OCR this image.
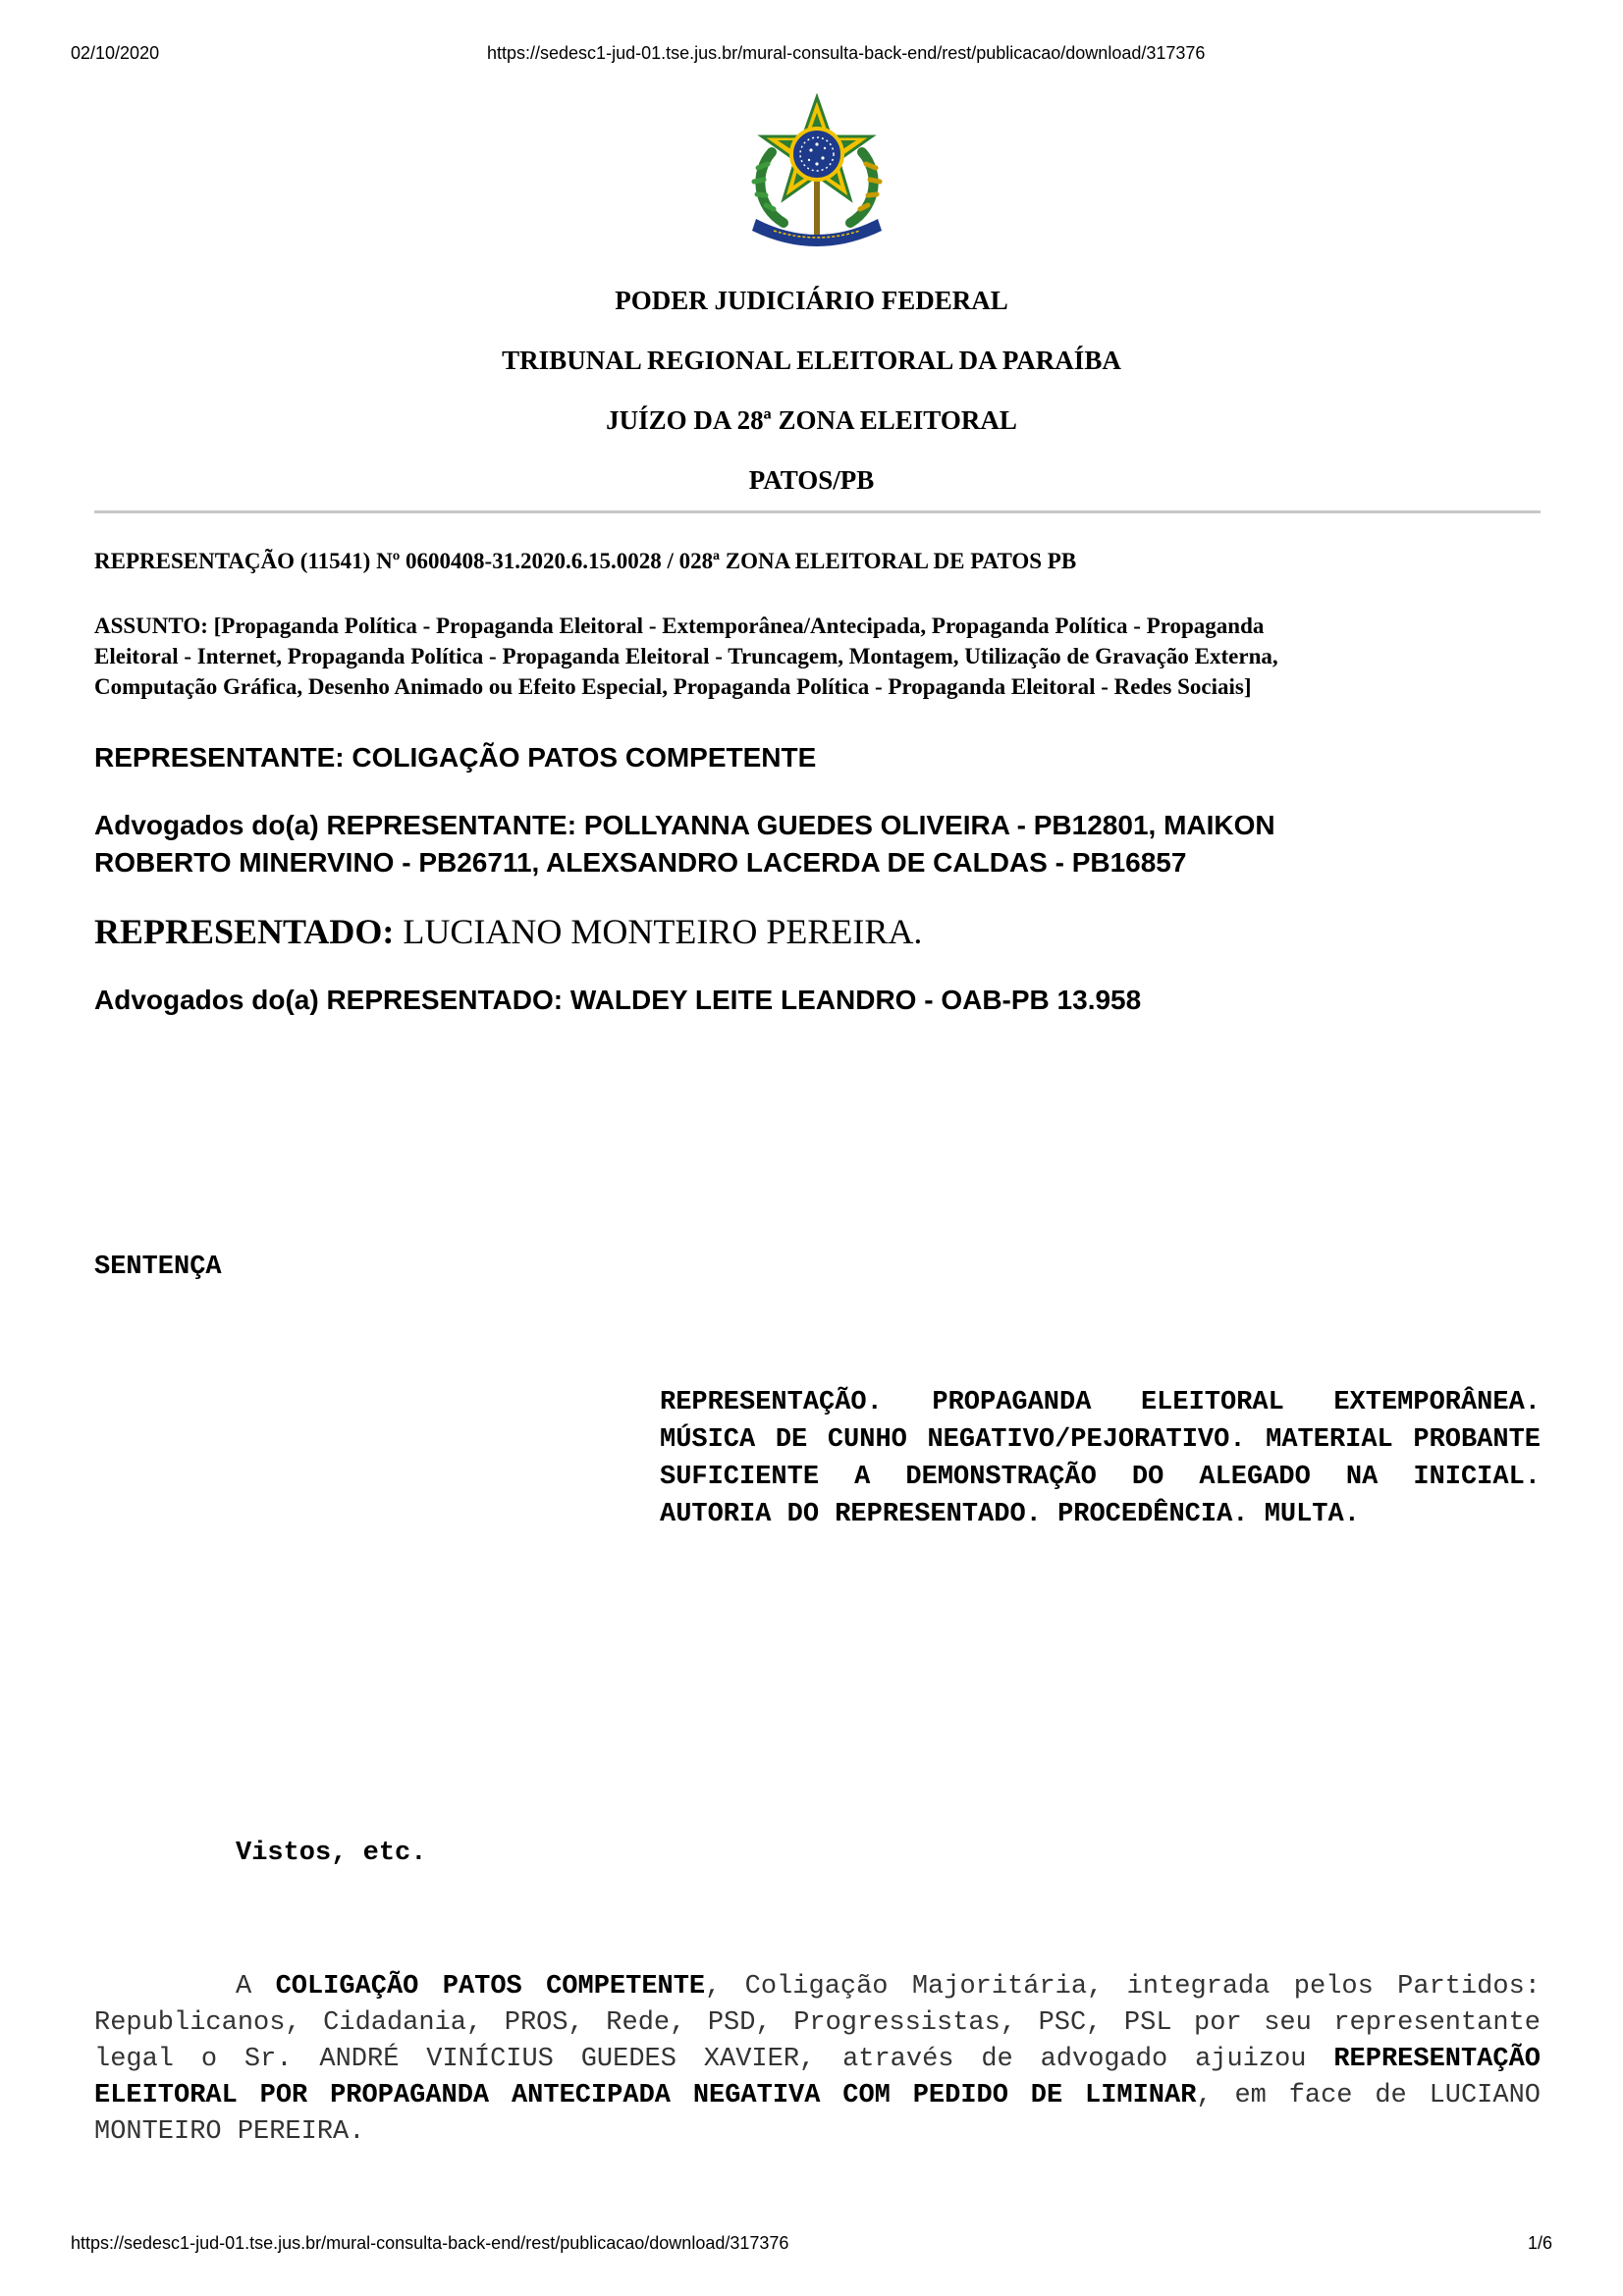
02/10/2020	https://sedesc1-jud-01.tse.jus.br/mural-consulta-back-end/rest/publicacao/download/317376
PODER JUDICIÁRIO FEDERAL
TRIBUNAL REGIONAL ELEITORAL DA PARAÍBA
JUÍZO DA 28ª ZONA ELEITORAL
PATOS/PB
REPRESENTAÇÃO (11541) Nº 0600408-31.2020.6.15.0028 / 028ª ZONA ELEITORAL DE PATOS PB
ASSUNTO: [Propaganda Política - Propaganda Eleitoral - Extemporânea/Antecipada, Propaganda Política - Propaganda
Eleitoral - Internet, Propaganda Política - Propaganda Eleitoral - Truncagem, Montagem, Utilização de Gravação Externa,
Computação Gráfica, Desenho Animado ou Efeito Especial, Propaganda Política - Propaganda Eleitoral - Redes Sociais]
REPRESENTANTE: COLIGAÇÃO PATOS COMPETENTE
Advogados do(a) REPRESENTANTE: POLLYANNA GUEDES OLIVEIRA - PB12801, MAIKON
ROBERTO MINERVINO - PB26711, ALEXSANDRO LACERDA DE CALDAS - PB16857
REPRESENTADO: LUCIANO MONTEIRO PEREIRA.
Advogados do(a) REPRESENTADO: WALDEY LEITE LEANDRO - OAB-PB 13.958
SENTENÇA
REPRESENTAÇÃO. PROPAGANDA ELEITORAL EXTEMPORÂNEA. MÚSICA DE CUNHO NEGATIVO/PEJORATIVO. MATERIAL PROBANTE SUFICIENTE A DEMONSTRAÇÃO DO ALEGADO NA INICIAL. AUTORIA DO REPRESENTADO. PROCEDÊNCIA. MULTA.
Vistos, etc.
A COLIGAÇÃO PATOS COMPETENTE, Coligação Majoritária, integrada pelos Partidos: Republicanos, Cidadania, PROS, Rede, PSD, Progressistas, PSC, PSL por seu representante legal o Sr. ANDRÉ VINÍCIUS GUEDES XAVIER, através de advogado ajuizou REPRESENTAÇÃO ELEITORAL POR PROPAGANDA ANTECIPADA NEGATIVA COM PEDIDO DE LIMINAR, em face de LUCIANO MONTEIRO PEREIRA.
https://sedesc1-jud-01.tse.jus.br/mural-consulta-back-end/rest/publicacao/download/317376	1/6
